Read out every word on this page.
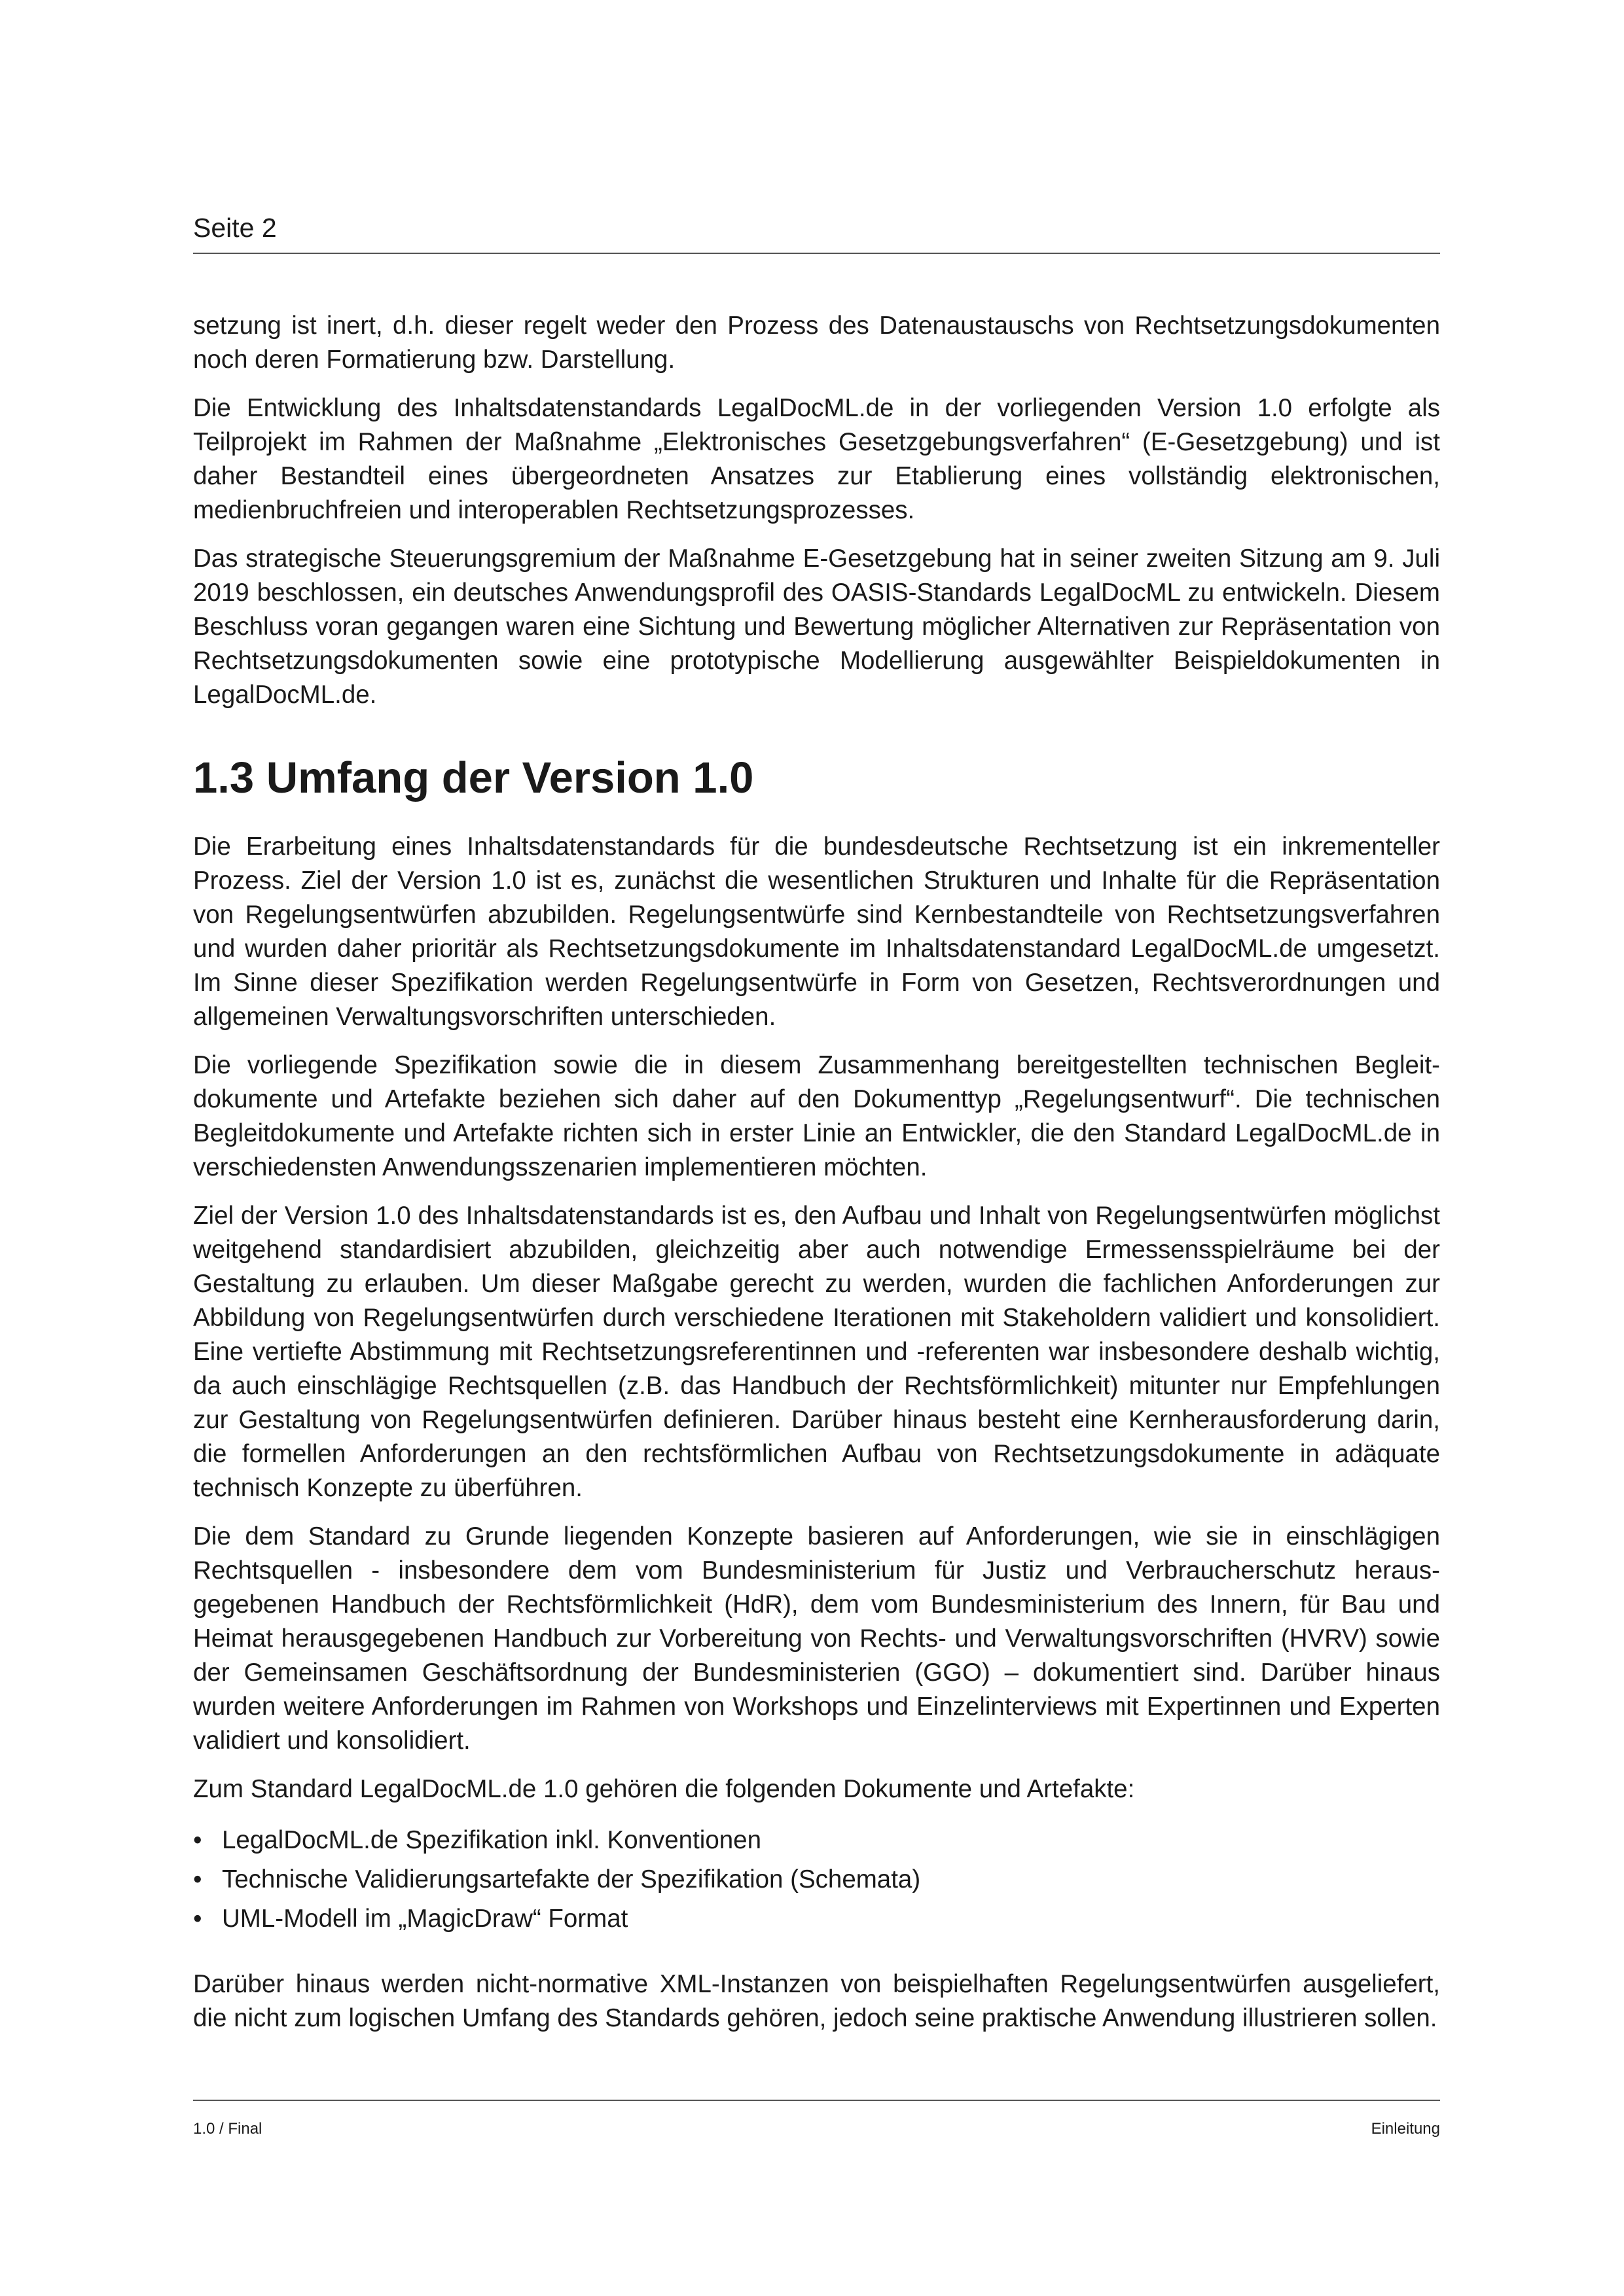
Seite 2

setzung ist inert, d.h. dieser regelt weder den Prozess des Datenaustauschs von Rechtsetzungsdokumenten noch deren Formatierung bzw. Darstellung.

Die Entwicklung des Inhaltsdatenstandards LegalDocML.de in der vorliegenden Version 1.0 erfolgte als Teilprojekt im Rahmen der Maßnahme „Elektronisches Gesetzgebungsverfahren“ (E-Gesetzgebung) und ist daher Bestandteil eines übergeordneten Ansatzes zur Etablierung eines vollständig elektronischen, medienbruchfreien und interoperablen Rechtsetzungsprozesses.

Das strategische Steuerungsgremium der Maßnahme E-Gesetzgebung hat in seiner zweiten Sitzung am 9. Juli 2019 beschlossen, ein deutsches Anwendungsprofil des OASIS-Standards LegalDocML zu entwickeln. Diesem Beschluss voran gegangen waren eine Sichtung und Bewertung möglicher Alternativen zur Repräsentation von Rechtsetzungsdokumenten sowie eine prototypische Modellierung ausgewählter Beispieldokumenten in LegalDocML.de.

1.3 Umfang der Version 1.0

Die Erarbeitung eines Inhaltsdatenstandards für die bundesdeutsche Rechtsetzung ist ein inkrementeller Prozess. Ziel der Version 1.0 ist es, zunächst die wesentlichen Strukturen und Inhalte für die Repräsentation von Regelungsentwürfen abzubilden. Regelungsentwürfe sind Kernbestandteile von Rechtsetzungsverfahren und wurden daher prioritär als Rechtsetzungsdokumente im Inhaltsdatenstandard LegalDocML.de umgesetzt. Im Sinne dieser Spezifikation werden Regelungsentwürfe in Form von Gesetzen, Rechtsverordnungen und allgemeinen Verwaltungsvorschriften unterschieden.

Die vorliegende Spezifikation sowie die in diesem Zusammenhang bereitgestellten technischen Begleitdokumente und Artefakte beziehen sich daher auf den Dokumenttyp „Regelungsentwurf“. Die technischen Begleitdokumente und Artefakte richten sich in erster Linie an Entwickler, die den Standard LegalDocML.de in verschiedensten Anwendungsszenarien implementieren möchten.

Ziel der Version 1.0 des Inhaltsdatenstandards ist es, den Aufbau und Inhalt von Regelungsentwürfen möglichst weitgehend standardisiert abzubilden, gleichzeitig aber auch notwendige Ermessensspielräume bei der Gestaltung zu erlauben. Um dieser Maßgabe gerecht zu werden, wurden die fachlichen Anforderungen zur Abbildung von Regelungsentwürfen durch verschiedene Iterationen mit Stakeholdern validiert und konsolidiert. Eine vertiefte Abstimmung mit Rechtsetzungsreferentinnen und -referenten war insbesondere deshalb wichtig, da auch einschlägige Rechtsquellen (z.B. das Handbuch der Rechtsförmlichkeit) mitunter nur Empfehlungen zur Gestaltung von Regelungsentwürfen definieren. Darüber hinaus besteht eine Kernherausforderung darin, die formellen Anforderungen an den rechtsförmlichen Aufbau von Rechtsetzungsdokumente in adäquate technisch Konzepte zu überführen.

Die dem Standard zu Grunde liegenden Konzepte basieren auf Anforderungen, wie sie in einschlägigen Rechtsquellen - insbesondere dem vom Bundesministerium für Justiz und Verbraucherschutz herausgegebenen Handbuch der Rechtsförmlichkeit (HdR), dem vom Bundesministerium des Innern, für Bau und Heimat herausgegebenen Handbuch zur Vorbereitung von Rechts- und Verwaltungsvorschriften (HVRV) sowie der Gemeinsamen Geschäftsordnung der Bundesministerien (GGO) – dokumentiert sind. Darüber hinaus wurden weitere Anforderungen im Rahmen von Workshops und Einzelinterviews mit Expertinnen und Experten validiert und konsolidiert.

Zum Standard LegalDocML.de 1.0 gehören die folgenden Dokumente und Artefakte:

• LegalDocML.de Spezifikation inkl. Konventionen
• Technische Validierungsartefakte der Spezifikation (Schemata)
• UML-Modell im „MagicDraw“ Format

Darüber hinaus werden nicht-normative XML-Instanzen von beispielhaften Regelungsentwürfen ausgeliefert, die nicht zum logischen Umfang des Standards gehören, jedoch seine praktische Anwendung illustrieren sollen.

1.0 / Final	Einleitung
